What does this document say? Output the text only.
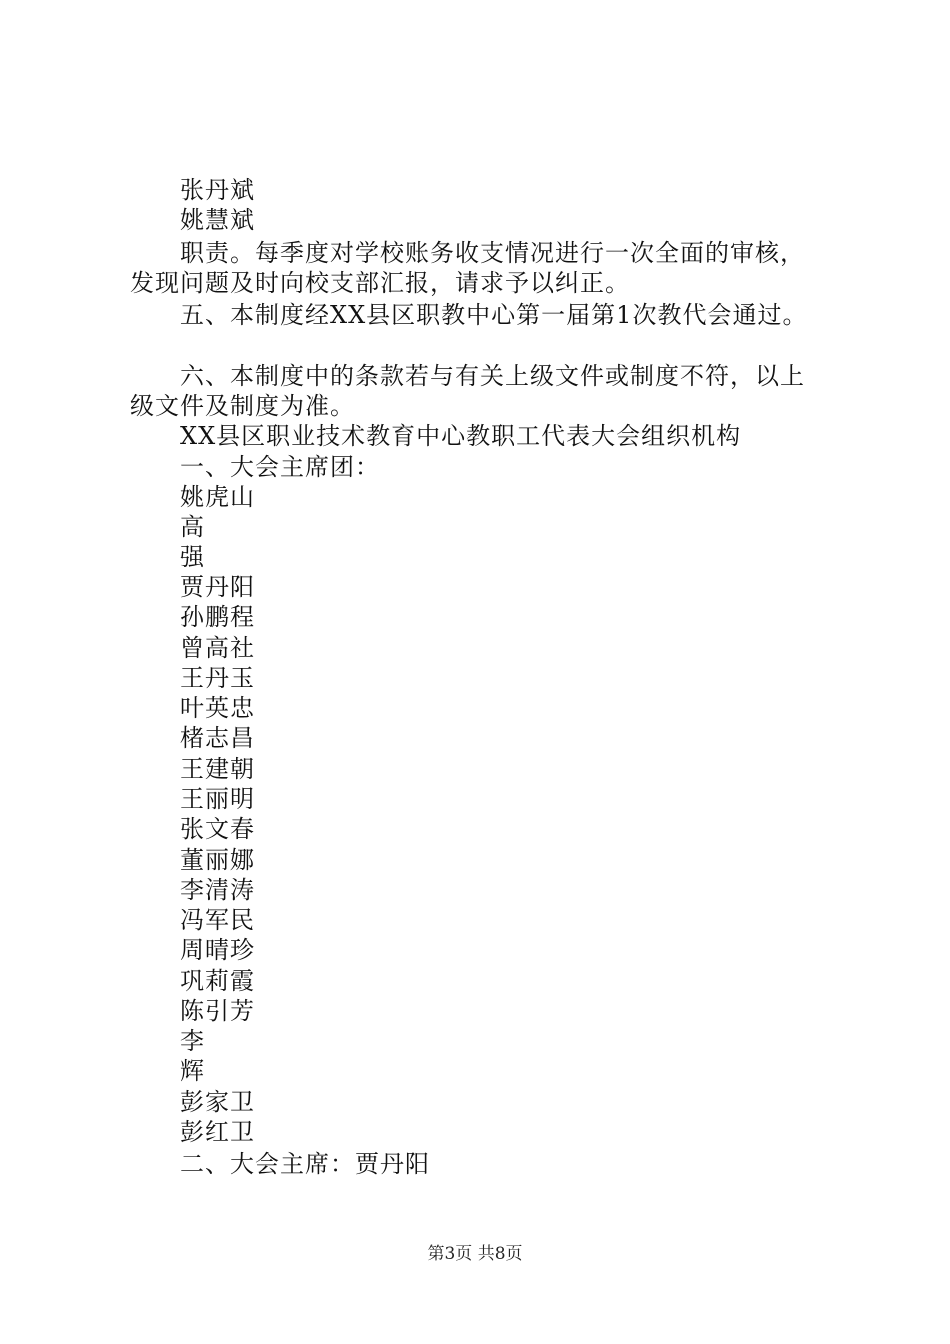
张丹斌
姚慧斌
职责。每季度对学校账务收支情况进行一次全面的审核，
发现问题及时向校支部汇报，请求予以纠正。
五、本制度经XX县区职教中心第一届第1次教代会通过。
六、本制度中的条款若与有关上级文件或制度不符，以上
级文件及制度为准。
XX县区职业技术教育中心教职工代表大会组织机构
一、大会主席团：
姚虎山
高
强
贾丹阳
孙鹏程
曾高社
王丹玉
叶英忠
楮志昌
王建朝
王丽明
张文春
董丽娜
李清涛
冯军民
周晴珍
巩莉霞
陈引芳
李
辉
彭家卫
彭红卫
二、大会主席：贾丹阳
第3页 共8页
